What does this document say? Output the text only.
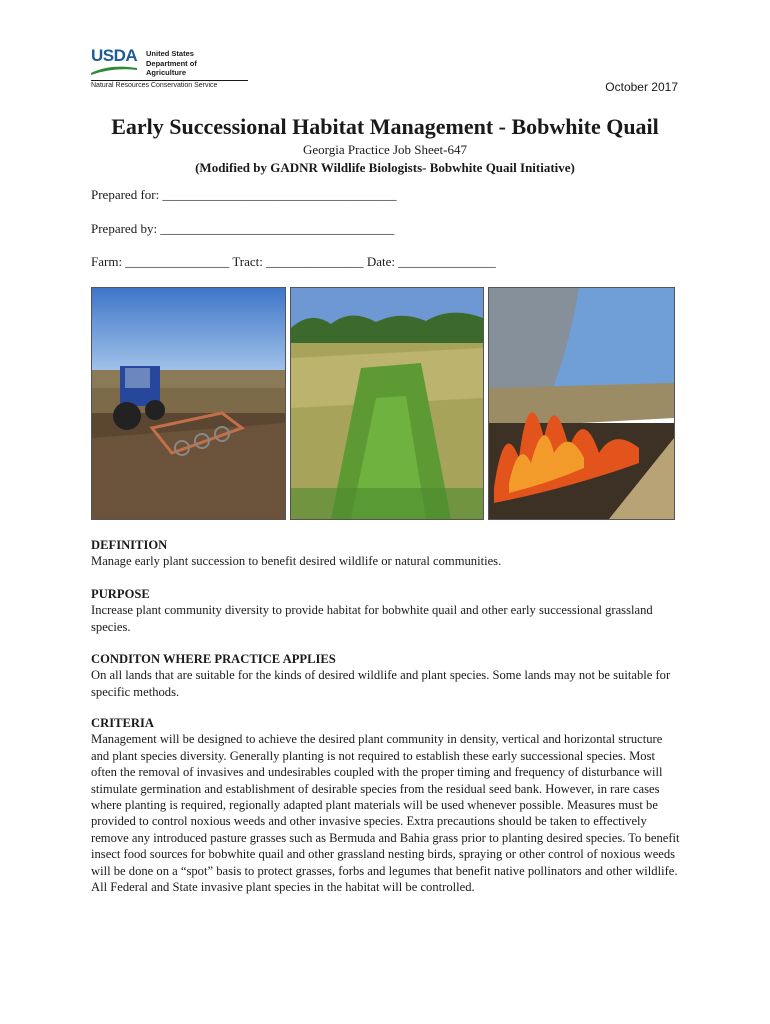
USDA United States
Department of
Agriculture
Natural Resources Conservation Service	October 2017
Early Successional Habitat Management - Bobwhite Quail
Georgia Practice Job Sheet-647
(Modified by GADNR Wildlife Biologists- Bobwhite Quail Initiative)
Prepared for: ____________________________________
Prepared by: ____________________________________
Farm: ________________ Tract: _______________ Date: _______________
DEFINITION

Manage early plant succession to benefit desired wildlife or natural communities.

PURPOSE

Increase plant community diversity to provide habitat for bobwhite quail and other early successional grassland species.

CONDITON WHERE PRACTICE APPLIES

On all lands that are suitable for the kinds of desired wildlife and plant species. Some lands may not be suitable for specific methods.

CRITERIA

Management will be designed to achieve the desired plant community in density, vertical and horizontal structure and plant species diversity. Generally planting is not required to establish these early successional species. Most often the removal of invasives and undesirables coupled with the proper timing and frequency of disturbance will stimulate germination and establishment of desirable species from the residual seed bank. However, in rare cases where planting is required, regionally adapted plant materials will be used whenever possible. Measures must be provided to control noxious weeds and other invasive species. Extra precautions should be taken to effectively remove any introduced pasture grasses such as Bermuda and Bahia grass prior to planting desired species. To benefit insect food sources for bobwhite quail and other grassland nesting birds, spraying or other control of noxious weeds will be done on a “spot” basis to protect grasses, forbs and legumes that benefit native pollinators and other wildlife. All Federal and State invasive plant species in the habitat will be controlled.
